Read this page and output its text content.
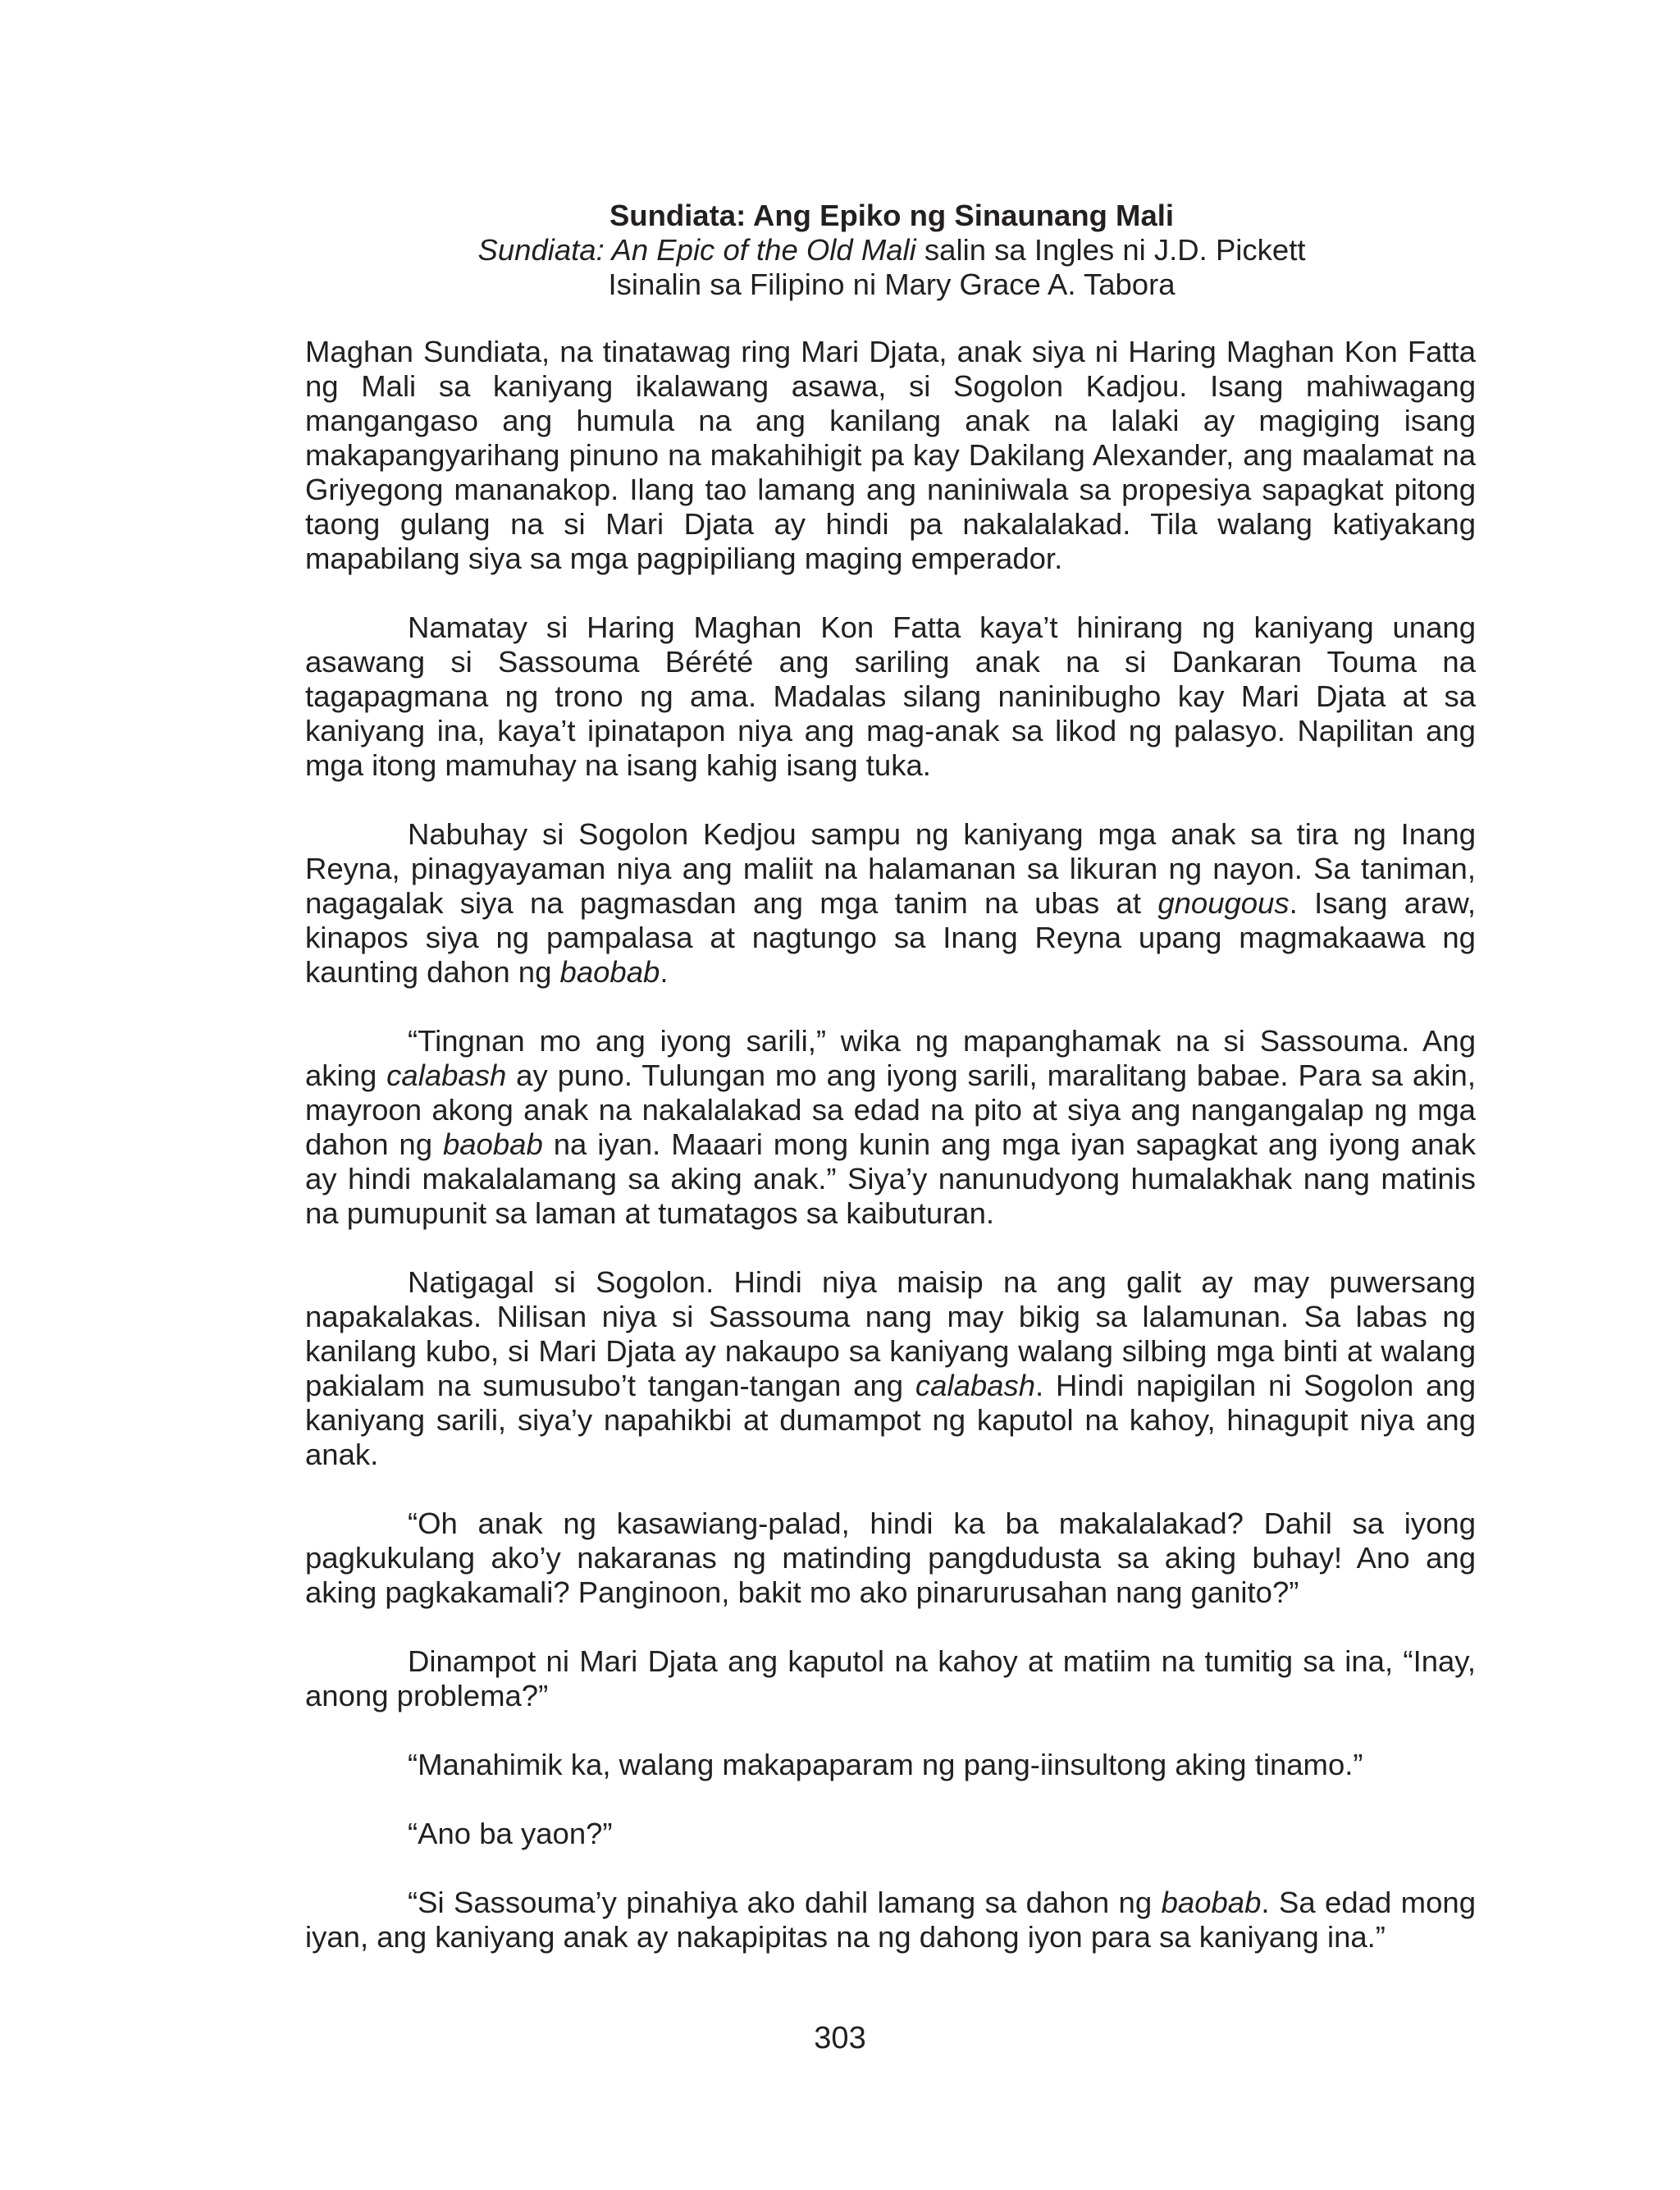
Sundiata: Ang Epiko ng Sinaunang Mali
Sundiata: An Epic of the Old Mali salin sa Ingles ni J.D. Pickett
Isinalin sa Filipino ni Mary Grace A. Tabora

Maghan Sundiata, na tinatawag ring Mari Djata, anak siya ni Haring Maghan Kon Fatta ng Mali sa kaniyang ikalawang asawa, si Sogolon Kadjou. Isang mahiwagang mangangaso ang humula na ang kanilang anak na lalaki ay magiging isang makapangyarihang pinuno na makahihigit pa kay Dakilang Alexander, ang maalamat na Griyegong mananakop. Ilang tao lamang ang naniniwala sa propesiya sapagkat pitong taong gulang na si Mari Djata ay hindi pa nakalalakad. Tila walang katiyakang mapabilang siya sa mga pagpipiliang maging emperador.

Namatay si Haring Maghan Kon Fatta kaya’t hinirang ng kaniyang unang asawang si Sassouma Bérété ang sariling anak na si Dankaran Touma na tagapagmana ng trono ng ama. Madalas silang naninibugho kay Mari Djata at sa kaniyang ina, kaya’t ipinatapon niya ang mag-anak sa likod ng palasyo. Napilitan ang mga itong mamuhay na isang kahig isang tuka.

Nabuhay si Sogolon Kedjou sampu ng kaniyang mga anak sa tira ng Inang Reyna, pinagyayaman niya ang maliit na halamanan sa likuran ng nayon. Sa taniman, nagagalak siya na pagmasdan ang mga tanim na ubas at gnougous. Isang araw, kinapos siya ng pampalasa at nagtungo sa Inang Reyna upang magmakaawa ng kaunting dahon ng baobab.

“Tingnan mo ang iyong sarili,” wika ng mapanghamak na si Sassouma. Ang aking calabash ay puno. Tulungan mo ang iyong sarili, maralitang babae. Para sa akin, mayroon akong anak na nakalalakad sa edad na pito at siya ang nangangalap ng mga dahon ng baobab na iyan. Maaari mong kunin ang mga iyan sapagkat ang iyong anak ay hindi makalalamang sa aking anak.” Siya’y nanunudyong humalakhak nang matinis na pumupunit sa laman at tumatagos sa kaibuturan.

Natigagal si Sogolon. Hindi niya maisip na ang galit ay may puwersang napakalakas. Nilisan niya si Sassouma nang may bikig sa lalamunan. Sa labas ng kanilang kubo, si Mari Djata ay nakaupo sa kaniyang walang silbing mga binti at walang pakialam na sumusubo’t tangan-tangan ang calabash. Hindi napigilan ni Sogolon ang kaniyang sarili, siya’y napahikbi at dumampot ng kaputol na kahoy, hinagupit niya ang anak.

“Oh anak ng kasawiang-palad, hindi ka ba makalalakad? Dahil sa iyong pagkukulang ako’y nakaranas ng matinding pangdudusta sa aking buhay! Ano ang aking pagkakamali? Panginoon, bakit mo ako pinarurusahan nang ganito?”

Dinampot ni Mari Djata ang kaputol na kahoy at matiim na tumitig sa ina, “Inay, anong problema?”

“Manahimik ka, walang makapaparam ng pang-iinsultong aking tinamo.”

“Ano ba yaon?”

“Si Sassouma’y pinahiya ako dahil lamang sa dahon ng baobab. Sa edad mong iyan, ang kaniyang anak ay nakapipitas na ng dahong iyon para sa kaniyang ina.”

303
